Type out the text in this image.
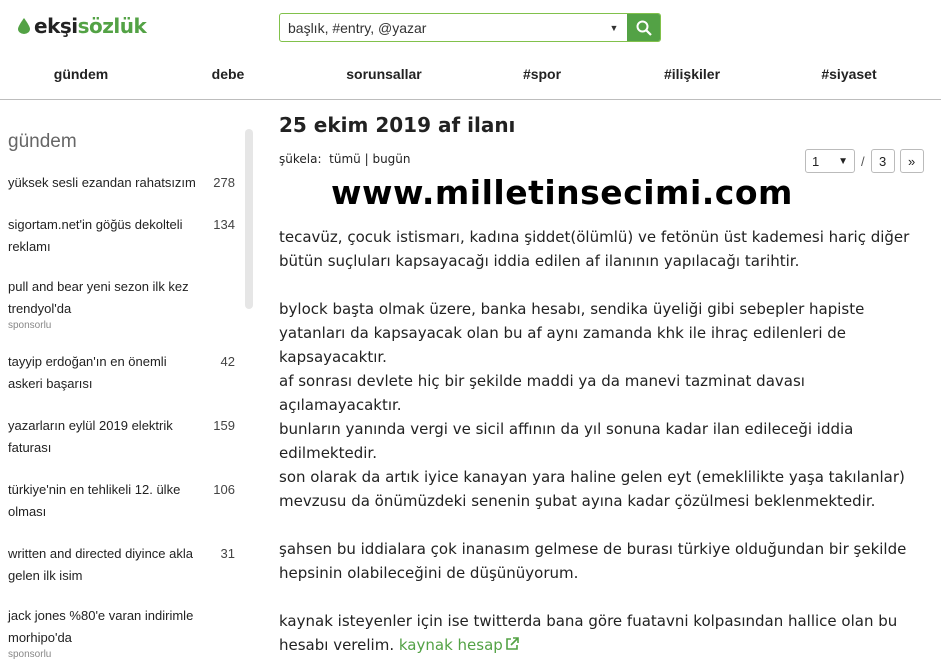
ekşi sözlük
başlık, #entry, @yazar	▼
gündem	debe	sorunsallar	#spor	#ilişkiler	#siyaset
gündem
yüksek sesli ezandan rahatsızım 278
sigortam.net'in göğüs dekolteli reklamı
134
pull and bear yeni sezon ilk kez trendyol'da
sponsorlu
tayyip erdoğan'ın en önemli askeri başarısı
42
yazarların eylül 2019 elektrik faturası
159
türkiye'nin en tehlikeli 12. ülke olması
106
written and directed diyince akla gelen ilk isim
31
jack jones %80'e varan indirimle morhipo'da
sponsorlu
25 ekim 2019 af ilanı
şükela: tümü | bugün	1 ▼ /	3	»
www.milletinsecimi.com
tecavüz, çocuk istismarı, kadına şiddet(ölümlü) ve fetönün üst kademesi hariç diğer bütün suçluları kapsayacağı iddia edilen af ilanının yapılacağı tarihtir.
bylock başta olmak üzere, banka hesabı, sendika üyeliği gibi sebepler hapiste yatanları da kapsayacak olan bu af aynı zamanda khk ile ihraç edilenleri de kapsayacaktır.
af sonrası devlete hiç bir şekilde maddi ya da manevi tazminat davası açılamayacaktır.
bunların yanında vergi ve sicil affının da yıl sonuna kadar ilan edileceği iddia edilmektedir.
son olarak da artık iyice kanayan yara haline gelen eyt (emeklilikte yaşa takılanlar) mevzusu da önümüzdeki senenin şubat ayına kadar çözülmesi beklenmektedir.
şahsen bu iddialara çok inanasım gelmese de burası türkiye olduğundan bir şekilde hepsinin olabileceğini de düşünüyorum.
kaynak isteyenler için ise twitterda bana göre fuatavni kolpasından hallice olan bu hesabı verelim. kaynak hesap
